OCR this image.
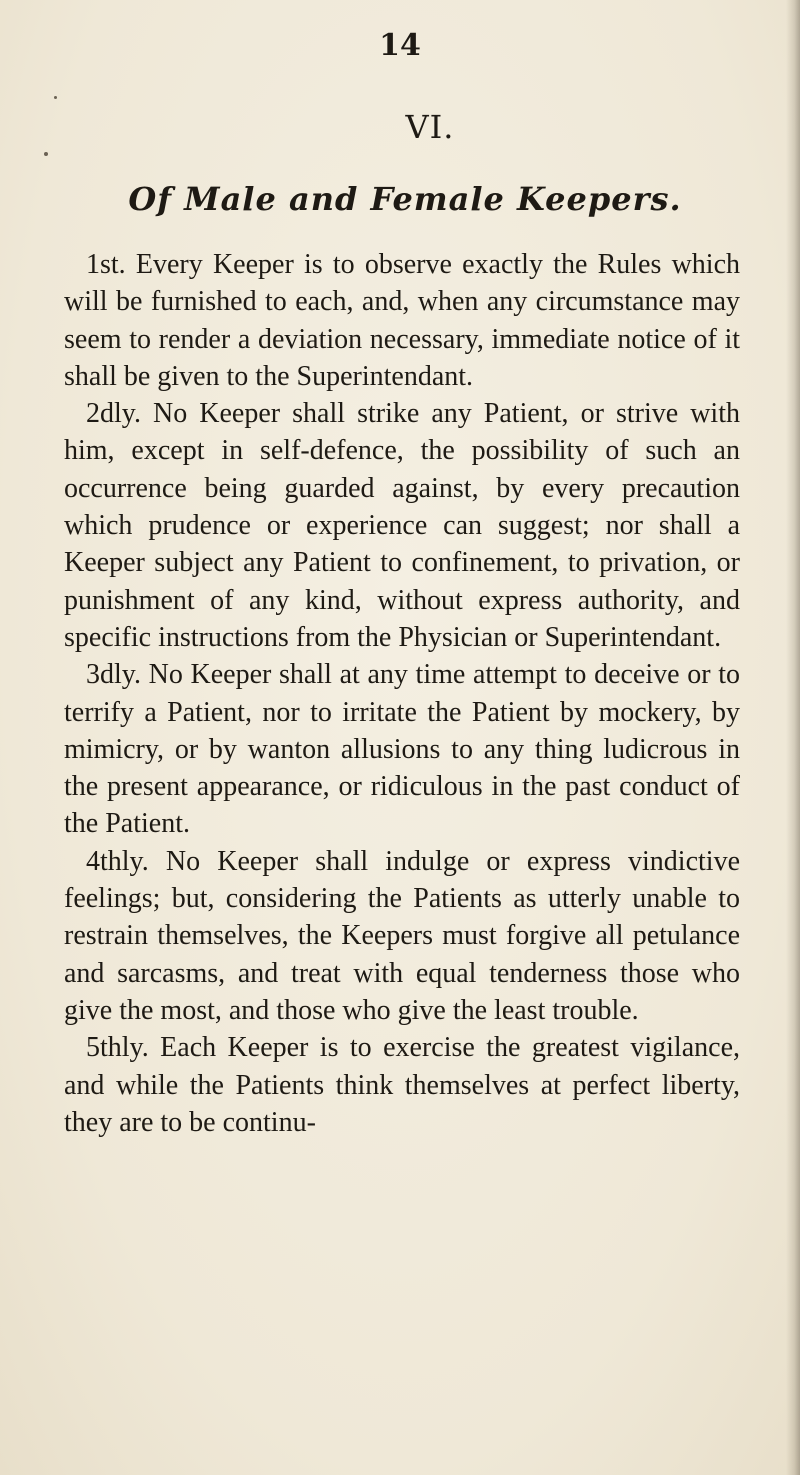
14
VI.
Of Male and Female Keepers.

1st. Every Keeper is to observe exactly the Rules which will be furnished to each, and, when any circumstance may seem to render a deviation necessary, immediate notice of it shall be given to the Superintendant.

2dly. No Keeper shall strike any Patient, or strive with him, except in self-defence, the possibility of such an occurrence being guarded against, by every precaution which prudence or experience can suggest; nor shall a Keeper subject any Patient to confinement, to privation, or punishment of any kind, without express authority, and specific instructions from the Physician or Superintendant.

3dly. No Keeper shall at any time attempt to deceive or to terrify a Patient, nor to irritate the Patient by mockery, by mimicry, or by wanton allusions to any thing ludicrous in the present appearance, or ridiculous in the past conduct of the Patient.

4thly. No Keeper shall indulge or express vindictive feelings; but, considering the Patients as utterly unable to restrain themselves, the Keepers must forgive all petulance and sarcasms, and treat with equal tenderness those who give the most, and those who give the least trouble.

5thly. Each Keeper is to exercise the greatest vigilance, and while the Patients think themselves at perfect liberty, they are to be continu-
